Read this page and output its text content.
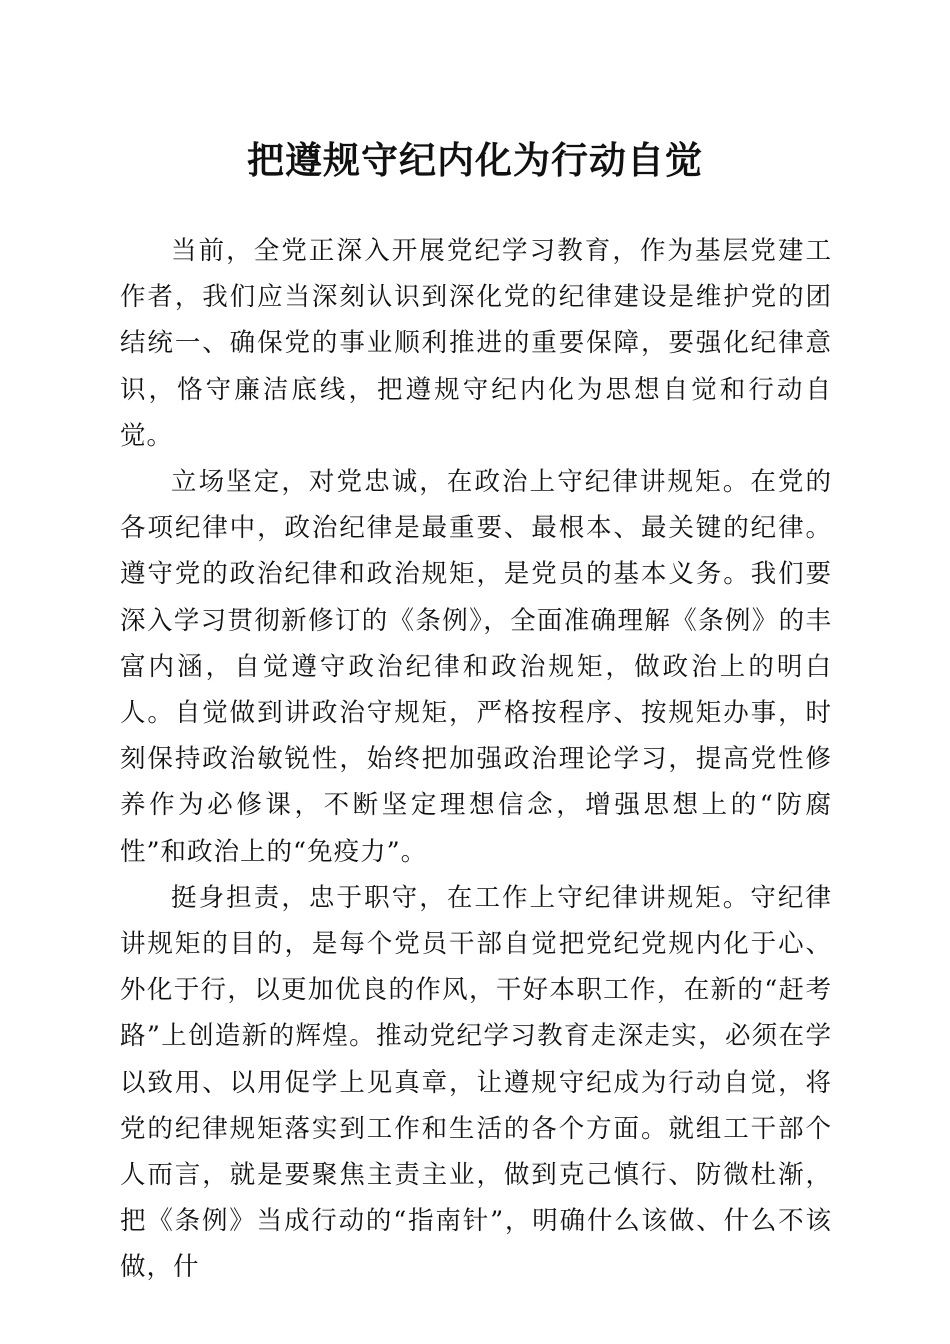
把遵规守纪内化为行动自觉

当前，全党正深入开展党纪学习教育，作为基层党建工作者，我们应当深刻认识到深化党的纪律建设是维护党的团结统一、确保党的事业顺利推进的重要保障，要强化纪律意识，恪守廉洁底线，把遵规守纪内化为思想自觉和行动自觉。

立场坚定，对党忠诚，在政治上守纪律讲规矩。在党的各项纪律中，政治纪律是最重要、最根本、最关键的纪律。遵守党的政治纪律和政治规矩，是党员的基本义务。我们要深入学习贯彻新修订的《条例》，全面准确理解《条例》的丰富内涵，自觉遵守政治纪律和政治规矩，做政治上的明白人。自觉做到讲政治守规矩，严格按程序、按规矩办事，时刻保持政治敏锐性，始终把加强政治理论学习，提高党性修养作为必修课，不断坚定理想信念，增强思想上的“防腐性”和政治上的“免疫力”。

挺身担责，忠于职守，在工作上守纪律讲规矩。守纪律讲规矩的目的，是每个党员干部自觉把党纪党规内化于心、外化于行，以更加优良的作风，干好本职工作，在新的“赶考路”上创造新的辉煌。推动党纪学习教育走深走实，必须在学以致用、以用促学上见真章，让遵规守纪成为行动自觉，将党的纪律规矩落实到工作和生活的各个方面。就组工干部个人而言，就是要聚焦主责主业，做到克己慎行、防微杜渐，把《条例》当成行动的“指南针”，明确什么该做、什么不该做，什
